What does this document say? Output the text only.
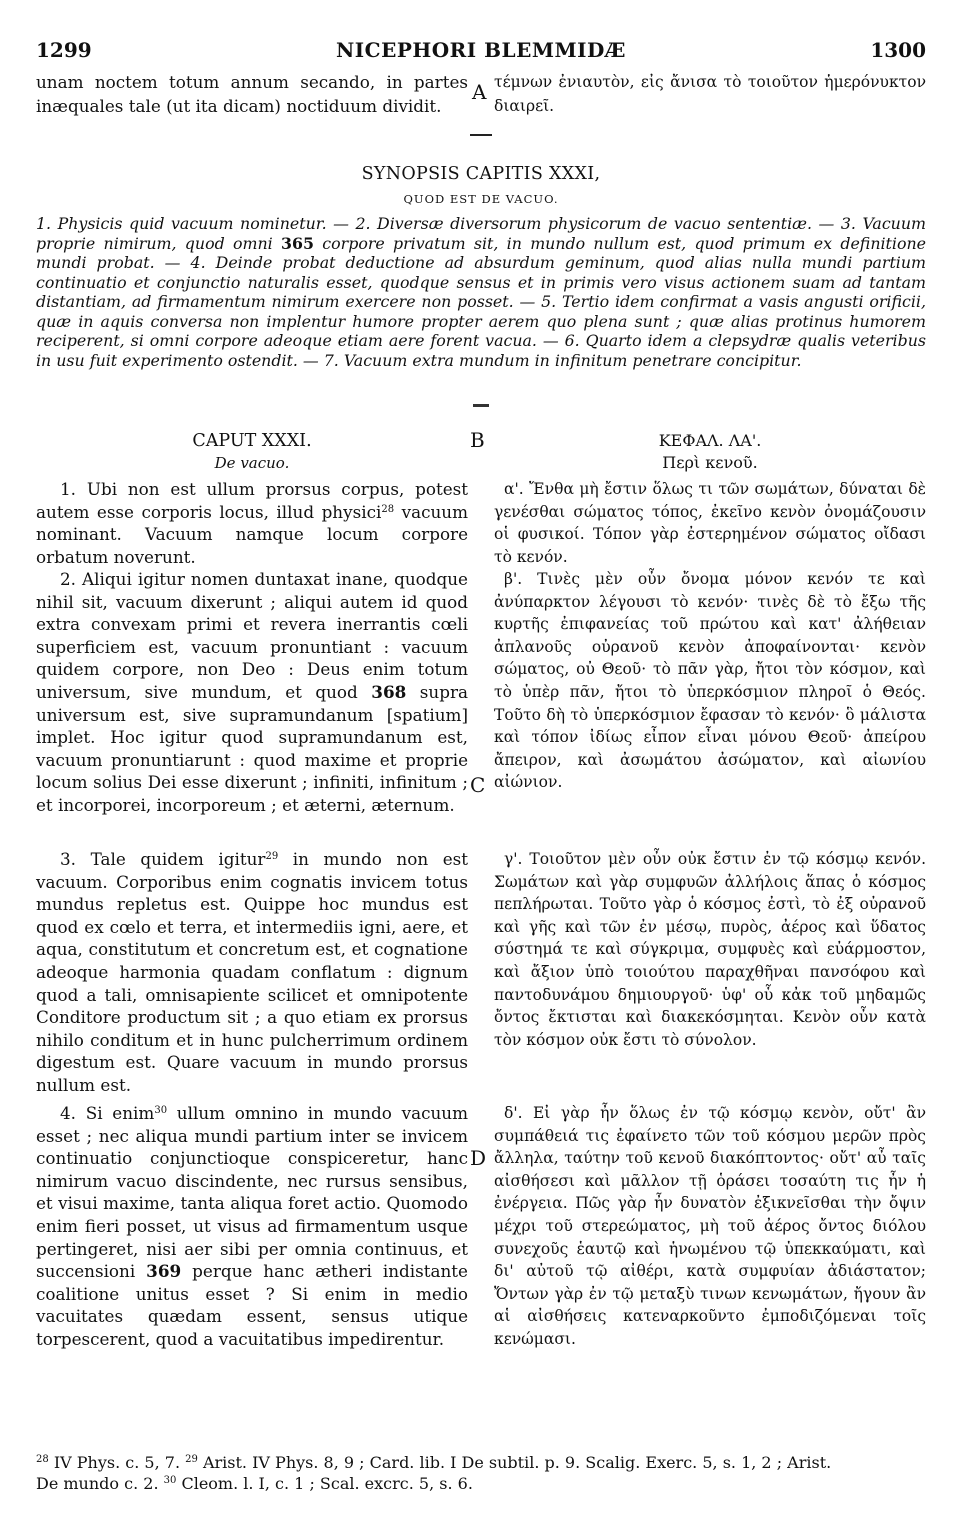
1299	NICEPHORI BLEMMIDÆ	1300
unam noctem totum annum secando, in partes inæquales tale (ut ita dicam) noctiduum dividit.
A τέμνων ἐνιαυτὸν, εἰς ἄνισα τὸ τοιοῦτον ἡμερόνυκτον διαιρεῖ.
SYNOPSIS CAPITIS XXXI,
QUOD EST DE VACUO.
1. Physicis quid vacuum nominetur. — 2. Diversæ diversorum physicorum de vacuo sententiæ. — 3. Vacuum proprie nimirum, quod omni 365 corpore privatum sit, in mundo nullum est, quod primum ex definitione mundi probat. — 4. Deinde probat deductione ad absurdum geminum, quod alias nulla mundi partium continuatio et conjunctio naturalis esset, quodque sensus et in primis vero visus actionem suam ad tantam distantiam, ad firmamentum nimirum exercere non posset. — 5. Tertio idem confirmat a vasis angusti orificii, quæ in aquis conversa non implentur humore propter aerem quo plena sunt ; quæ alias protinus humorem reciperent, si omni corpore adeoque etiam aere forent vacua. — 6. Quarto idem a clepsydræ qualis veteribus in usu fuit experimento ostendit. — 7. Vacuum extra mundum in infinitum penetrare concipitur.
B
C
D
CAPUT XXXI.
De vacuo.
1. Ubi non est ullum prorsus corpus, potest autem esse corporis locus, illud physici$^{28}$ vacuum nominant. Vacuum namque locum corpore orbatum noverunt.
2. Aliqui igitur nomen duntaxat inane, quodque nihil sit, vacuum dixerunt ; aliqui autem id quod extra convexam primi et revera inerrantis cœli superficiem est, vacuum pronuntiant : vacuum quidem corpore, non Deo : Deus enim totum universum, sive mundum, et quod 368 supra universum est, sive supramundanum [spatium] implet. Hoc igitur quod supramundanum est, vacuum pronuntiarunt : quod maxime et proprie locum solius Dei esse dixerunt ; infiniti, infinitum ; et incorporei, incorporeum ; et æterni, æternum.
3. Tale quidem igitur$^{29}$ in mundo non est vacuum. Corporibus enim cognatis invicem totus mundus repletus est. Quippe hoc mundus est quod ex cœlo et terra, et intermediis igni, aere, et aqua, constitutum et concretum est, et cognatione adeoque harmonia quadam conflatum : dignum quod a tali, omnisapiente scilicet et omnipotente Conditore productum sit ; a quo etiam ex prorsus nihilo conditum et in hunc pulcherrimum ordinem digestum est. Quare vacuum in mundo prorsus nullum est.
4. Si enim$^{30}$ ullum omnino in mundo vacuum esset ; nec aliqua mundi partium inter se invicem continuatio conjunctioque conspiceretur, hanc nimirum vacuo discindente, nec rursus sensibus, et visui maxime, tanta aliqua foret actio. Quomodo enim fieri posset, ut visus ad firmamentum usque pertingeret, nisi aer sibi per omnia continuus, et succensioni 369 perque hanc ætheri indistante coalitione unitus esset ? Si enim in medio vacuitates quædam essent, sensus utique torpescerent, quod a vacuitatibus impedirentur.
ΚΕΦΑΛ. ΛΑ'.
Περὶ κενοῦ.
α'. Ἔνθα μὴ ἔστιν ὅλως τι τῶν σωμάτων, δύναται δὲ γενέσθαι σώματος τόπος, ἐκεῖνο κενὸν ὀνομάζουσιν οἱ φυσικοί. Τόπον γὰρ ἐστερημένον σώματος οἴδασι τὸ κενόν.
β'. Τινὲς μὲν οὖν ὄνομα μόνον κενόν τε καὶ ἀνύπαρκτον λέγουσι τὸ κενόν· τινὲς δὲ τὸ ἔξω τῆς κυρτῆς ἐπιφανείας τοῦ πρώτου καὶ κατ' ἀλήθειαν ἀπλανοῦς οὐρανοῦ κενὸν ἀποφαίνονται· κενὸν σώματος, οὐ Θεοῦ· τὸ πᾶν γὰρ, ἤτοι τὸν κόσμον, καὶ τὸ ὑπὲρ πᾶν, ἤτοι τὸ ὑπερκόσμιον πληροῖ ὁ Θεός. Τοῦτο δὴ τὸ ὑπερκόσμιον ἔφασαν τὸ κενόν· ὃ μάλιστα καὶ τόπον ἰδίως εἶπον εἶναι μόνου Θεοῦ· ἀπείρου ἄπειρον, καὶ ἀσωμάτου ἀσώματον, καὶ αἰωνίου αἰώνιον.
γ'. Τοιοῦτον μὲν οὖν οὐκ ἔστιν ἐν τῷ κόσμῳ κενόν. Σωμάτων καὶ γὰρ συμφυῶν ἀλλήλοις ἅπας ὁ κόσμος πεπλήρωται. Τοῦτο γὰρ ὁ κόσμος ἐστὶ, τὸ ἐξ οὐρανοῦ καὶ γῆς καὶ τῶν ἐν μέσῳ, πυρὸς, ἀέρος καὶ ὕδατος σύστημά τε καὶ σύγκριμα, συμφυὲς καὶ εὐάρμοστον, καὶ ἄξιον ὑπὸ τοιούτου παραχθῆναι πανσόφου καὶ παντοδυνάμου δημιουργοῦ· ὑφ' οὗ κἀκ τοῦ μηδαμῶς ὄντος ἔκτισται καὶ διακεκόσμηται. Κενὸν οὖν κατὰ τὸν κόσμον οὐκ ἔστι τὸ σύνολον.
δ'. Εἰ γὰρ ἦν ὅλως ἐν τῷ κόσμῳ κενὸν, οὔτ' ἂν συμπάθειά τις ἐφαίνετο τῶν τοῦ κόσμου μερῶν πρὸς ἄλληλα, ταύτην τοῦ κενοῦ διακόπτοντος· οὔτ' αὖ ταῖς αἰσθήσεσι καὶ μᾶλλον τῇ ὁράσει τοσαύτη τις ἦν ἡ ἐνέργεια. Πῶς γὰρ ἦν δυνατὸν ἐξικνεῖσθαι τὴν ὄψιν μέχρι τοῦ στερεώματος, μὴ τοῦ ἀέρος ὄντος διόλου συνεχοῦς ἑαυτῷ καὶ ἡνωμένου τῷ ὑπεκκαύματι, καὶ δι' αὐτοῦ τῷ αἰθέρι, κατὰ συμφυίαν ἀδιάστατον; Ὄντων γὰρ ἐν τῷ μεταξὺ τινων κενωμάτων, ἤγουν ἂν αἱ αἰσθήσεις κατεναρκοῦντο ἐμποδιζόμεναι τοῖς κενώμασι.
$^{28}$ IV Phys. c. 5, 7. $^{29}$ Arist. IV Phys. 8, 9 ; Card. lib. I De subtil. p. 9. Scalig. Exerc. 5, s. 1, 2 ; Arist.
De mundo c. 2. $^{30}$ Cleom. l. I, c. 1 ; Scal. excrc. 5, s. 6.
